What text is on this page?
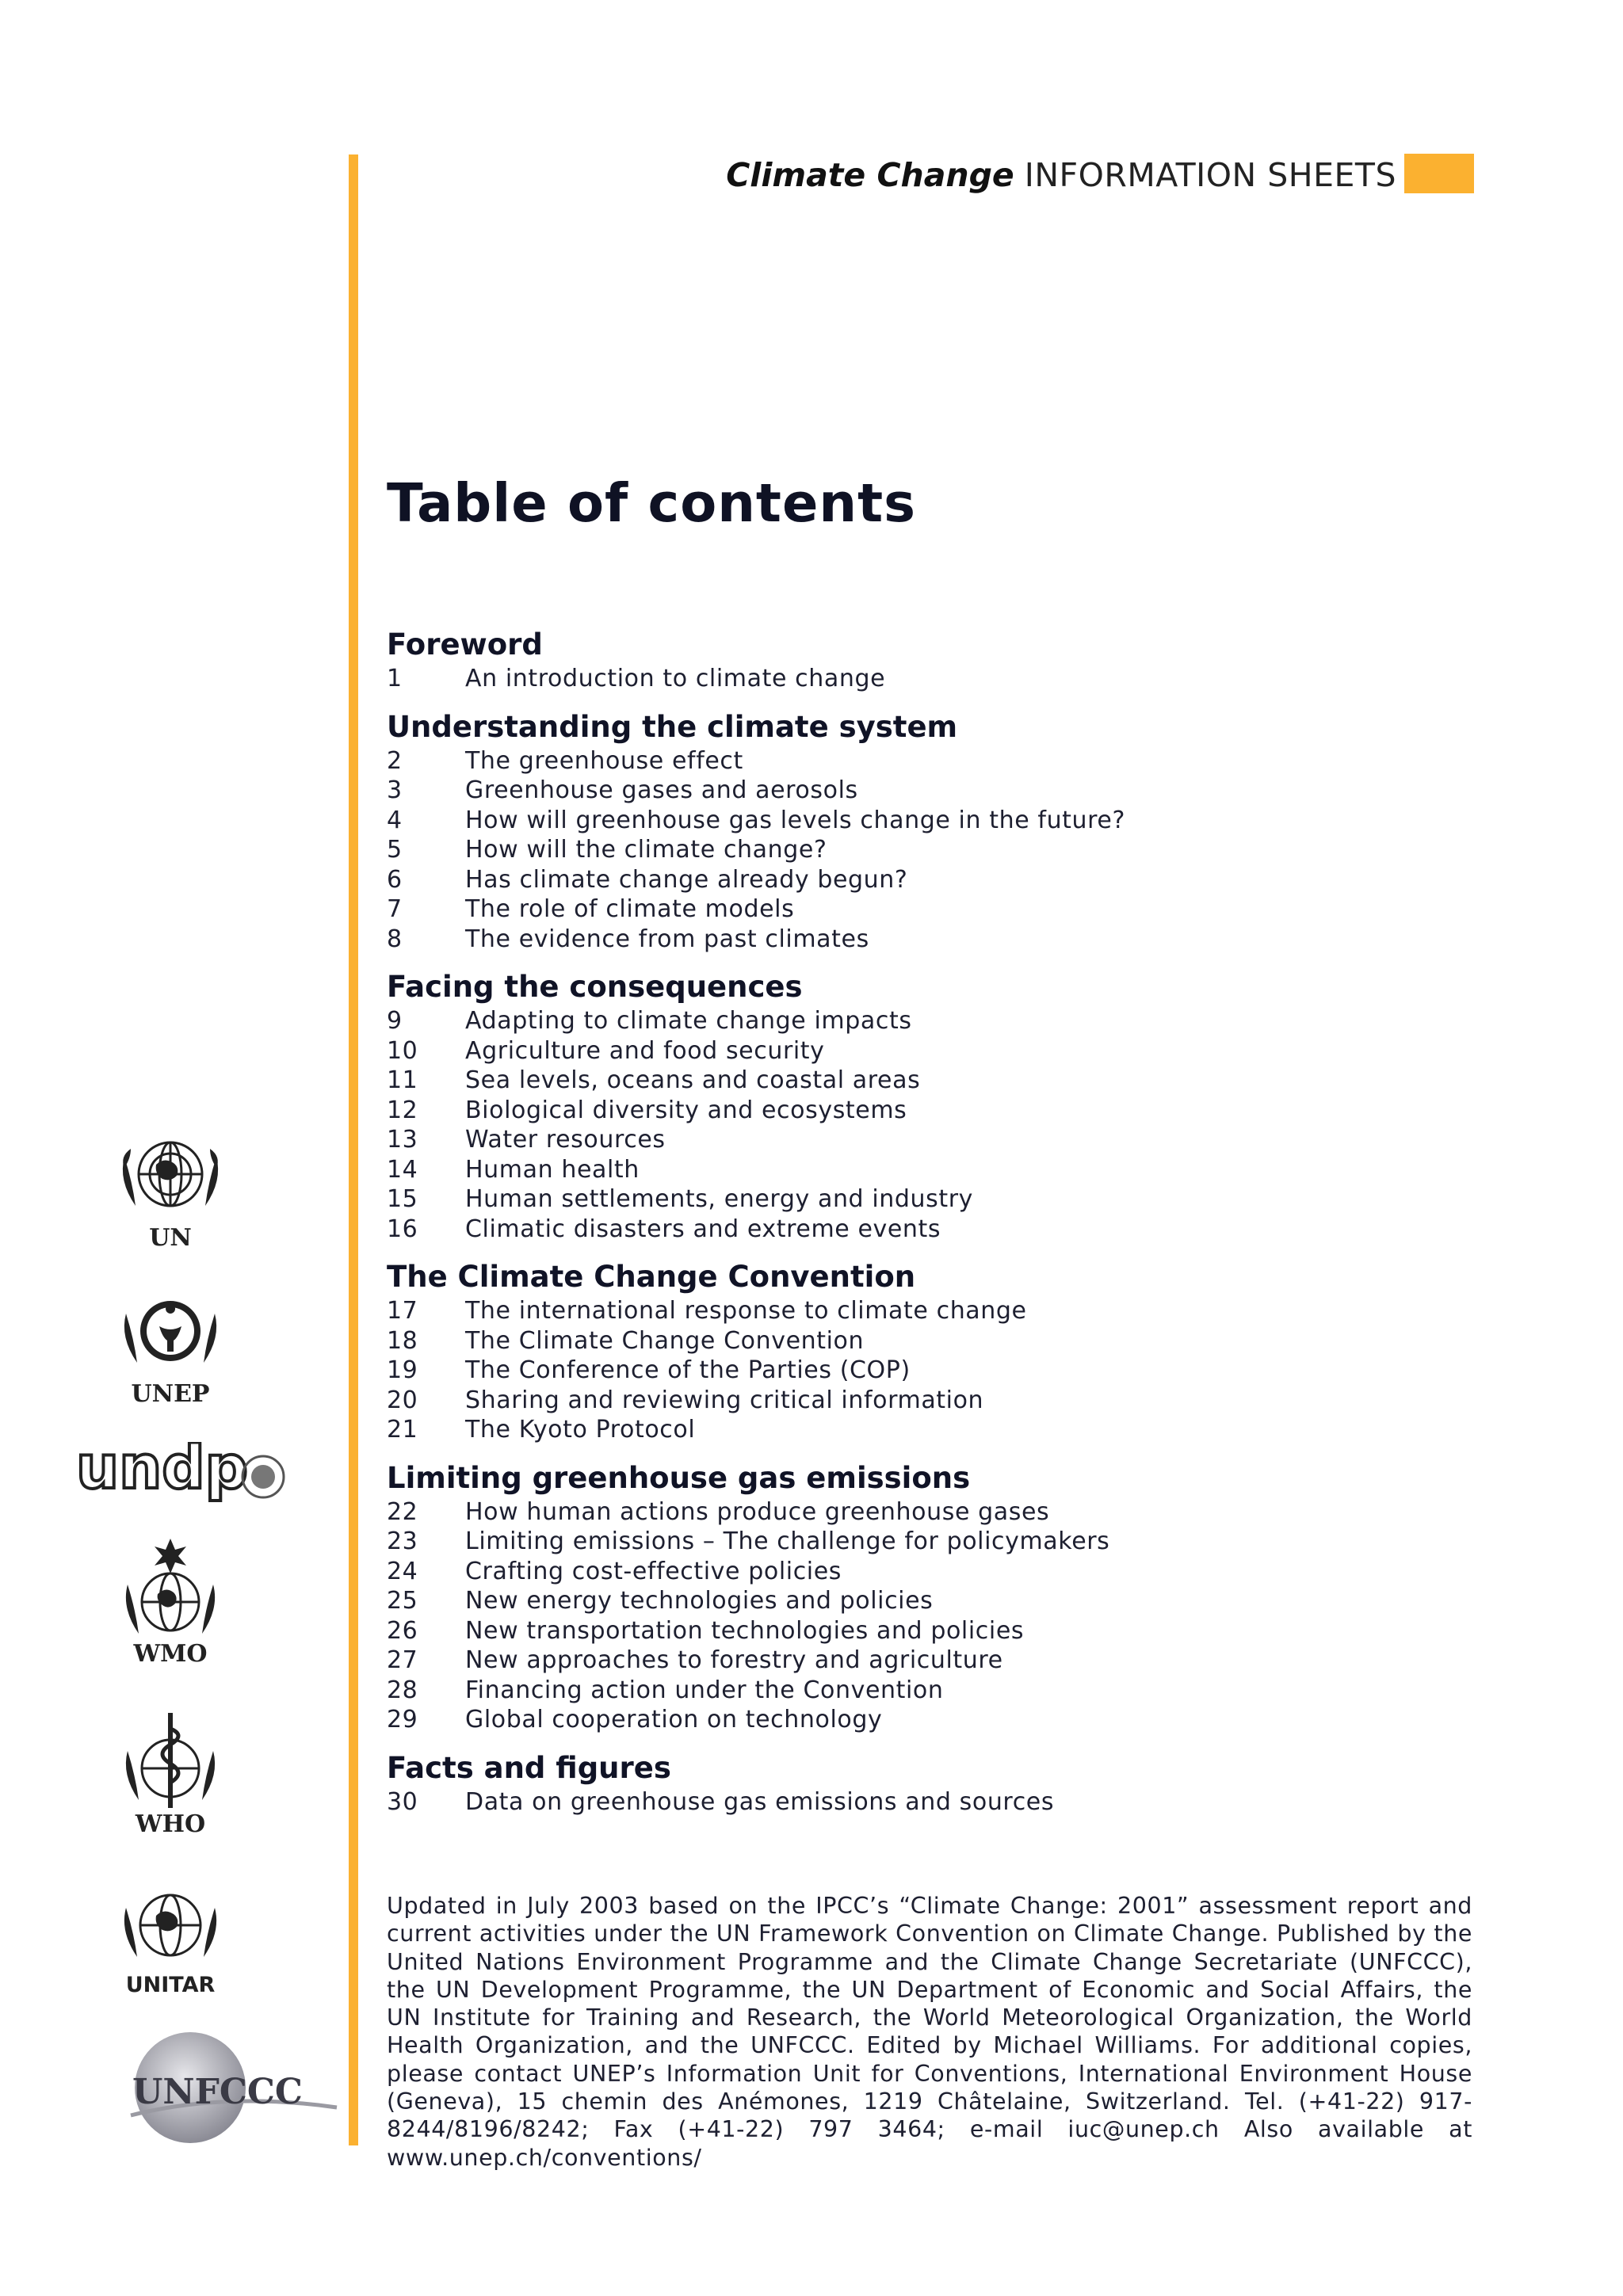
Climate Change INFORMATION SHEETS
Table of contents
Foreword
1	An introduction to climate change
Understanding the climate system
2	The greenhouse effect
3	Greenhouse gases and aerosols
4	How will greenhouse gas levels change in the future?
5	How will the climate change?
6	Has climate change already begun?
7	The role of climate models
8	The evidence from past climates
Facing the consequences
9	Adapting to climate change impacts
10	Agriculture and food security
11	Sea levels, oceans and coastal areas
12	Biological diversity and ecosystems
13	Water resources
14	Human health
15	Human settlements, energy and industry
16	Climatic disasters and extreme events
The Climate Change Convention
17	The international response to climate change
18	The Climate Change Convention
19	The Conference of the Parties (COP)
20	Sharing and reviewing critical information
21	The Kyoto Protocol
Limiting greenhouse gas emissions
22	How human actions produce greenhouse gases
23	Limiting emissions – The challenge for policymakers
24	Crafting cost-effective policies
25	New energy technologies and policies
26	New transportation technologies and policies
27	New approaches to forestry and agriculture
28	Financing action under the Convention
29	Global cooperation on technology
Facts and figures
30	Data on greenhouse gas emissions and sources
Updated in July 2003 based on the IPCC’s “Climate Change: 2001” assessment report and current activities under the UN Framework Convention on Climate Change. Published by the United Nations Environment Programme and the Climate Change Secretariate (UNFCCC), the UN Development Programme, the UN Department of Economic and Social Affairs, the UN Institute for Training and Research, the World Meteorological Organization, the World Health Organization, and the UNFCCC. Edited by Michael Williams. For additional copies, please contact UNEP’s Information Unit for Conventions, International Environment House (Geneva), 15 chemin des Anémones, 1219 Châtelaine, Switzerland. Tel. (+41-22) 917-8244/8196/8242; Fax (+41-22) 797 3464; e-mail iuc@unep.ch Also available at www.unep.ch/conventions/
UN
UNEP
undp
WMO
WHO
UNITAR
UNFCCC
